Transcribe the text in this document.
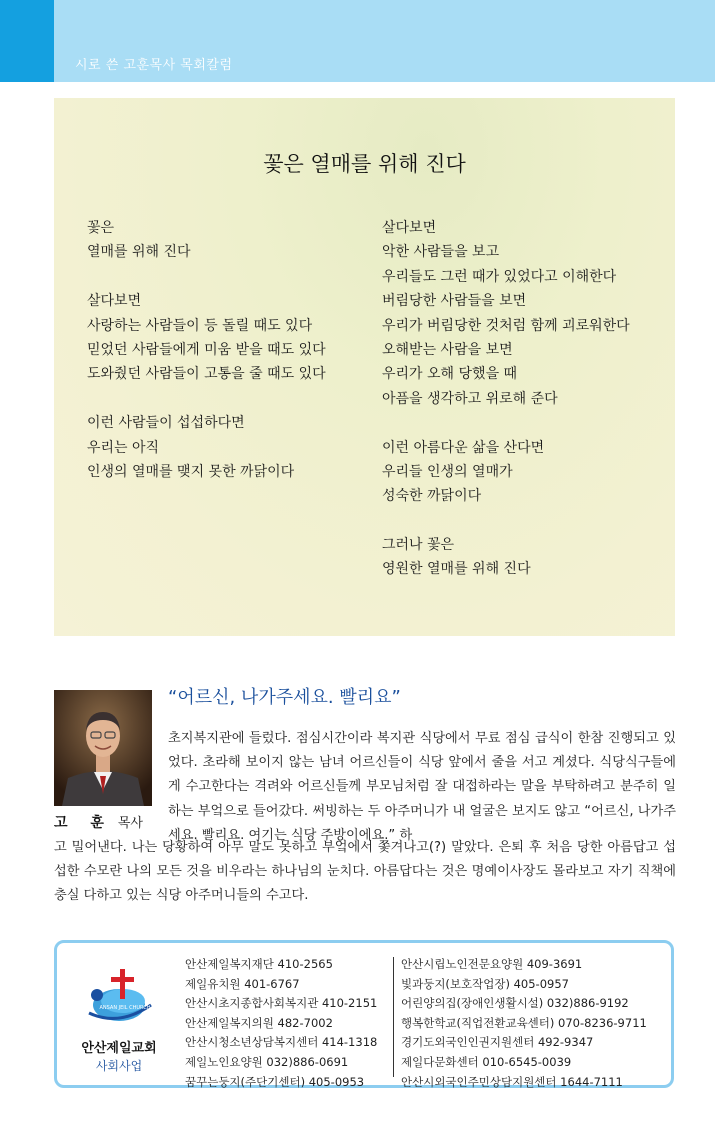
시로 쓴 고훈목사 목회칼럼
꽃은 열매를 위해 진다
꽃은
열매를 위해 진다
살다보면
사랑하는 사람들이 등 돌릴 때도 있다
믿었던 사람들에게 미움 받을 때도 있다
도와줬던 사람들이 고통을 줄 때도 있다
이런 사람들이 섭섭하다면
우리는 아직
인생의 열매를 맺지 못한 까닭이다
살다보면
악한 사람들을 보고
우리들도 그런 때가 있었다고 이해한다
버림당한 사람들을 보면
우리가 버림당한 것처럼 함께 괴로워한다
오해받는 사람을 보면
우리가 오해 당했을 때
아픔을 생각하고 위로해 준다
이런 아름다운 삶을 산다면
우리들 인생의 열매가
성숙한 까닭이다
그러나 꽃은
영원한 열매를 위해 진다
고 훈 목사
“어르신, 나가주세요. 빨리요”
초지복지관에 들렀다. 점심시간이라 복지관 식당에서 무료 점심 급식이 한참 진행되고 있었다. 초라해 보이지 않는 남녀 어르신들이 식당 앞에서 줄을 서고 계셨다. 식당식구들에게 수고한다는 격려와 어르신들께 부모님처럼 잘 대접하라는 말을 부탁하려고 분주히 일하는 부엌으로 들어갔다. 써빙하는 두 아주머니가 내 얼굴은 보지도 않고 “어르신, 나가주세요. 빨리요. 여기는 식당 주방이에요.” 하
고 밀어낸다. 나는 당황하여 아무 말도 못하고 부엌에서 쫓겨나고(?) 말았다. 은퇴 후 처음 당한 아름답고 섭섭한 수모란 나의 모든 것을 비우라는 하나님의 눈치다. 아름답다는 것은 명예이사장도 몰라보고 자기 직책에 충실 다하고 있는 식당 아주머니들의 수고다.
ANSAN JEIL CHURCH
안산제일교회
사회사업
안산제일복지재단 410-2565
제일유치원 401-6767
안산시초지종합사회복지관 410-2151
안산제일복지의원 482-7002
안산시청소년상담복지센터 414-1318
제일노인요양원 032)886-0691
꿈꾸는둥지(주단기센터) 405-0953
안산시립노인전문요양원 409-3691
빛과둥지(보호작업장) 405-0957
어린양의집(장애인생활시설) 032)886-9192
행복한학교(직업전환교육센터) 070-8236-9711
경기도외국인인권지원센터 492-9347
제일다문화센터 010-6545-0039
안산시외국인주민상담지원센터 1644-7111
